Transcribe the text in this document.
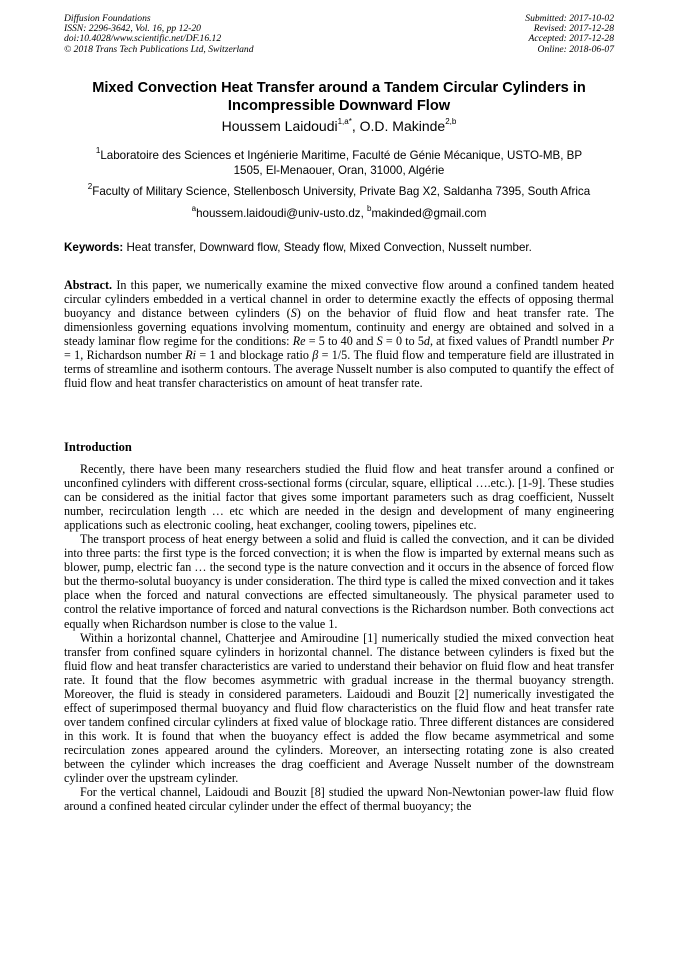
Diffusion Foundations
ISSN: 2296-3642, Vol. 16, pp 12-20
doi:10.4028/www.scientific.net/DF.16.12
© 2018 Trans Tech Publications Ltd, Switzerland
Submitted: 2017-10-02
Revised: 2017-12-28
Accepted: 2017-12-28
Online: 2018-06-07
Mixed Convection Heat Transfer around a Tandem Circular Cylinders in
Incompressible Downward Flow
Houssem Laidoudi$^{1,a*}$, O.D. Makinde$^{2,b}$
$^1$Laboratoire des Sciences et Ingénierie Maritime, Faculté de Génie Mécanique, USTO-MB, BP
1505, El-Menaouer, Oran, 31000, Algérie
$^2$Faculty of Military Science, Stellenbosch University, Private Bag X2, Saldanha 7395, South Africa
$^a$houssem.laidoudi@univ-usto.dz, $^b$makinded@gmail.com
Keywords: Heat transfer, Downward flow, Steady flow, Mixed Convection, Nusselt number.

Abstract. In this paper, we numerically examine the mixed convective flow around a confined tandem heated circular cylinders embedded in a vertical channel in order to determine exactly the effects of opposing thermal buoyancy and distance between cylinders (S) on the behavior of fluid flow and heat transfer rate. The dimensionless governing equations involving momentum, continuity and energy are obtained and solved in a steady laminar flow regime for the conditions: Re = 5 to 40 and S = 0 to 5d, at fixed values of Prandtl number Pr = 1, Richardson number Ri = 1 and blockage ratio β = 1/5. The fluid flow and temperature field are illustrated in terms of streamline and isotherm contours. The average Nusselt number is also computed to quantify the effect of fluid flow and heat transfer characteristics on amount of heat transfer rate.

Introduction

Recently, there have been many researchers studied the fluid flow and heat transfer around a confined or unconfined cylinders with different cross-sectional forms (circular, square, elliptical ….etc.). [1-9]. These studies can be considered as the initial factor that gives some important parameters such as drag coefficient, Nusselt number, recirculation length … etc which are needed in the design and development of many engineering applications such as electronic cooling, heat exchanger, cooling towers, pipelines etc.

The transport process of heat energy between a solid and fluid is called the convection, and it can be divided into three parts: the first type is the forced convection; it is when the flow is imparted by external means such as blower, pump, electric fan … the second type is the nature convection and it occurs in the absence of forced flow but the thermo-solutal buoyancy is under consideration. The third type is called the mixed convection and it takes place when the forced and natural convections are effected simultaneously. The physical parameter used to control the relative importance of forced and natural convections is the Richardson number. Both convections act equally when Richardson number is close to the value 1.

Within a horizontal channel, Chatterjee and Amiroudine [1] numerically studied the mixed convection heat transfer from confined square cylinders in horizontal channel. The distance between cylinders is fixed but the fluid flow and heat transfer characteristics are varied to understand their behavior on fluid flow and heat transfer rate. It found that the flow becomes asymmetric with gradual increase in the thermal buoyancy strength. Moreover, the fluid is steady in considered parameters. Laidoudi and Bouzit [2] numerically investigated the effect of superimposed thermal buoyancy and fluid flow characteristics on the fluid flow and heat transfer rate over tandem confined circular cylinders at fixed value of blockage ratio. Three different distances are considered in this work. It is found that when the buoyancy effect is added the flow became asymmetrical and some recirculation zones appeared around the cylinders. Moreover, an intersecting rotating zone is also created between the cylinder which increases the drag coefficient and Average Nusselt number of the downstream cylinder over the upstream cylinder.

For the vertical channel, Laidoudi and Bouzit [8] studied the upward Non-Newtonian power-law fluid flow around a confined heated circular cylinder under the effect of thermal buoyancy; the
